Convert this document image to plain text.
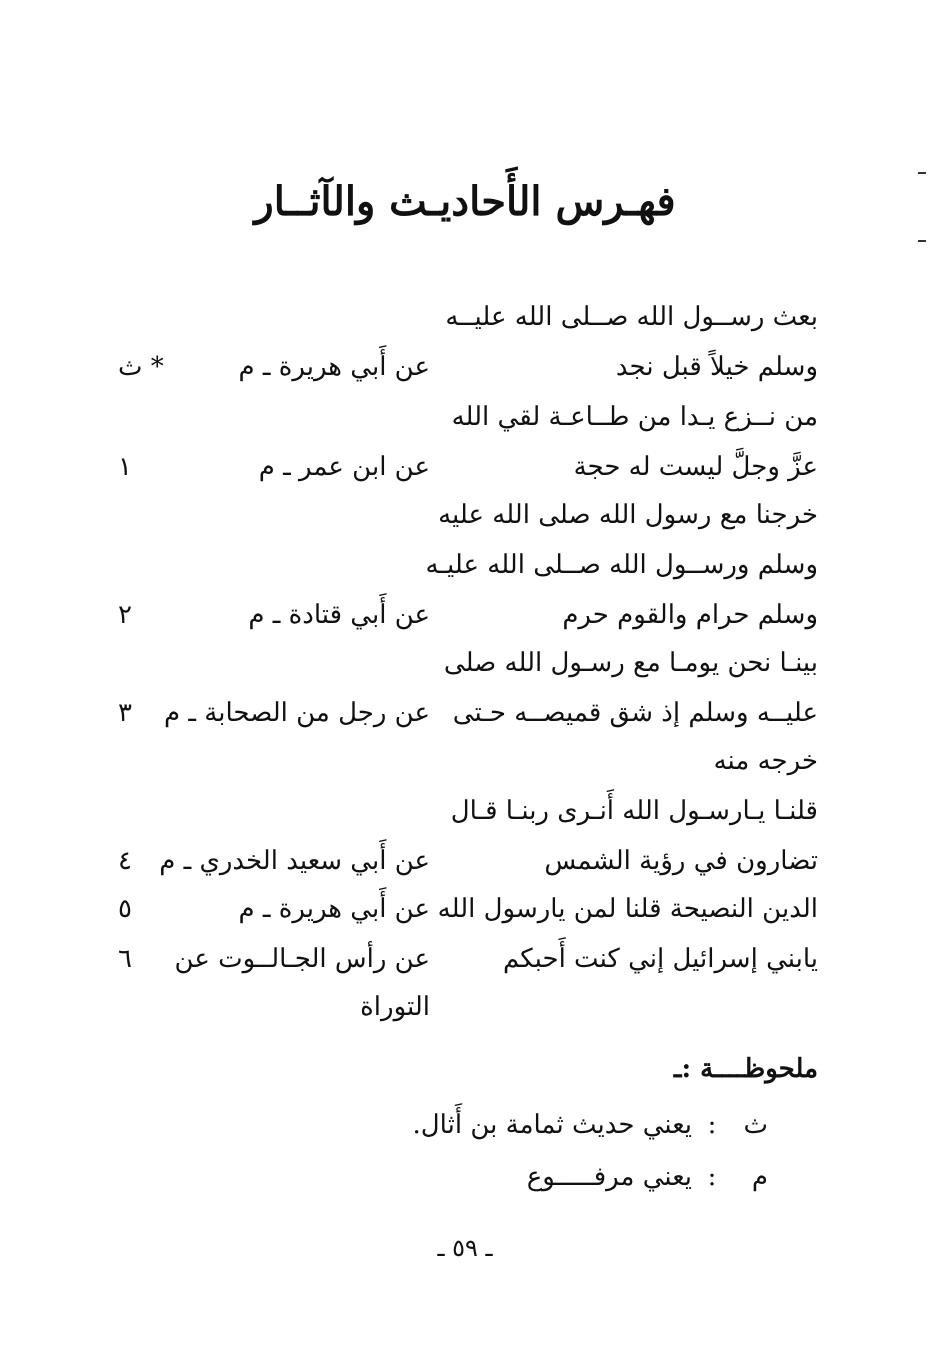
فهـرس الأَحاديـث والآثــار
بعث رســول الله صــلى الله عليــه
وسلم خيلاً قبل نجد
عن أَبي هريرة ـ م
* ث
من نــزع يـدا من طــاعـة لقي الله
عزَّ وجلَّ ليست له حجة
عن ابن عمر ـ م
١
خرجنا مع رسول الله صلى الله عليه
وسلم ورســول الله صــلى الله عليـه
وسلم حرام والقوم حرم
عن أَبي قتادة ـ م
٢
بينـا نحن يومـا مع رسـول الله صلى
عليــه وسلم إذ شق قميصــه حـتى
عن رجل من الصحابة ـ م
٣
خرجه منه
قلنـا يـارسـول الله أَنـرى ربنـا قـال
تضارون في رؤية الشمس
عن أَبي سعيد الخدري ـ م
٤
الدين النصيحة قلنا لمن يارسول الله
عن أَبي هريرة ـ م
٥
يابني إسرائيل إني كنت أَحبكم
عن رأس الجـالــوت عن
٦
التوراة
ملحوظــــة :ـ
ث
:
يعني حديث ثمامة بن أَثال.
م
:
يعني مرفـــــوع
ـ ٥٩ ـ
